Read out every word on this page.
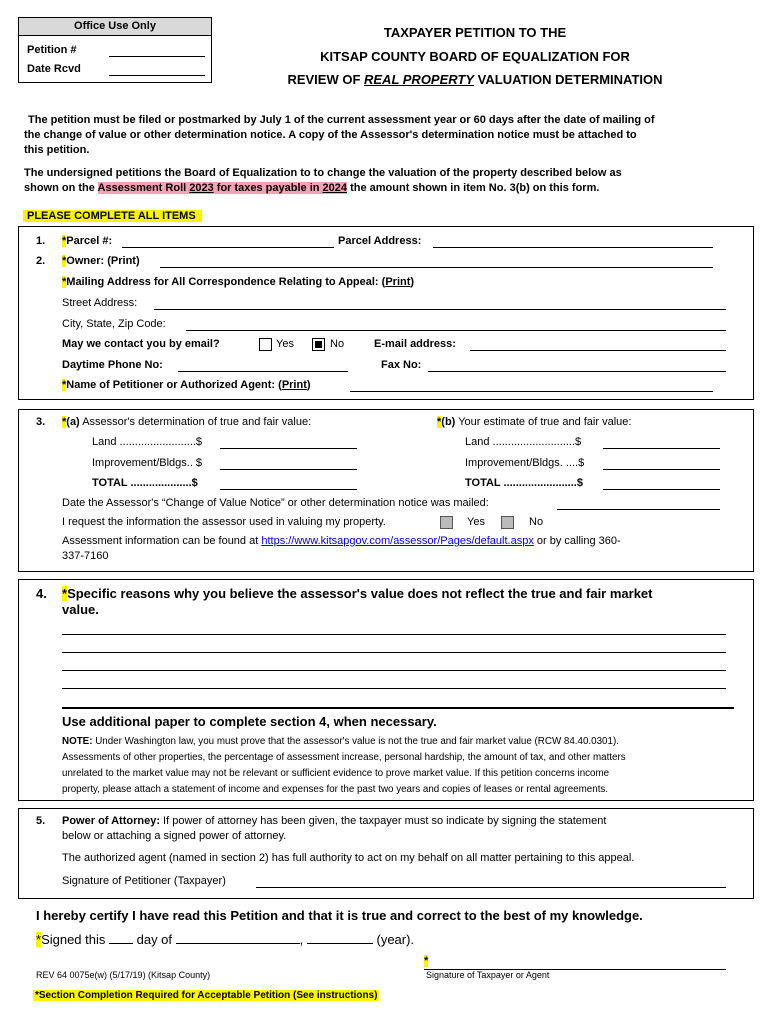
Office Use Only
Petition #
Date Rcvd
TAXPAYER PETITION TO THE
KITSAP COUNTY BOARD OF EQUALIZATION FOR
REVIEW OF REAL PROPERTY VALUATION DETERMINATION
The petition must be filed or postmarked by July 1 of the current assessment year or 60 days after the date of mailing of
the change of value or other determination notice. A copy of the Assessor's determination notice must be attached to
this petition.
The undersigned petitions the Board of Equalization to to change the valuation of the property described below as
shown on the Assessment Roll 2023 for taxes payable in 2024 the amount shown in item No. 3(b) on this form.
PLEASE COMPLETE ALL ITEMS
1. *Parcel #:	Parcel Address:
2. *Owner: (Print)
*Mailing Address for All Correspondence Relating to Appeal: (Print)
Street Address:
City, State, Zip Code:
May we contact you by email?	Yes	No	E-mail address:
Daytime Phone No:	Fax No:
*Name of Petitioner or Authorized Agent: (Print)
3. *(a) Assessor's determination of true and fair value:	*(b) Your estimate of true and fair value:
Land .........................$
Improvement/Bldgs.. $
TOTAL ....................$
Land ...........................$
Improvement/Bldgs. ....$
TOTAL ........................$
Date the Assessor's “Change of Value Notice” or other determination notice was mailed:
I request the information the assessor used in valuing my property.	Yes	No
Assessment information can be found at https://www.kitsapgov.com/assessor/Pages/default.aspx or by calling 360-
337-7160
4. *Specific reasons why you believe the assessor's value does not reflect the true and fair market
value.
Use additional paper to complete section 4, when necessary.
NOTE: Under Washington law, you must prove that the assessor's value is not the true and fair market value (RCW 84.40.0301).
Assessments of other properties, the percentage of assessment increase, personal hardship, the amount of tax, and other matters
unrelated to the market value may not be relevant or sufficient evidence to prove market value. If this petition concerns income
property, please attach a statement of income and expenses for the past two years and copies of leases or rental agreements.
5. Power of Attorney: If power of attorney has been given, the taxpayer must so indicate by signing the statement
below or attaching a signed power of attorney.
The authorized agent (named in section 2) has full authority to act on my behalf on all matter pertaining to this appeal.
Signature of Petitioner (Taxpayer)
I hereby certify I have read this Petition and that it is true and correct to the best of my knowledge.
*Signed this  day of	,	(year).
REV 64 0075e(w) (5/17/19) (Kitsap County)
*
Signature of Taxpayer or Agent
*Section Completion Required for Acceptable Petition (See instructions)
